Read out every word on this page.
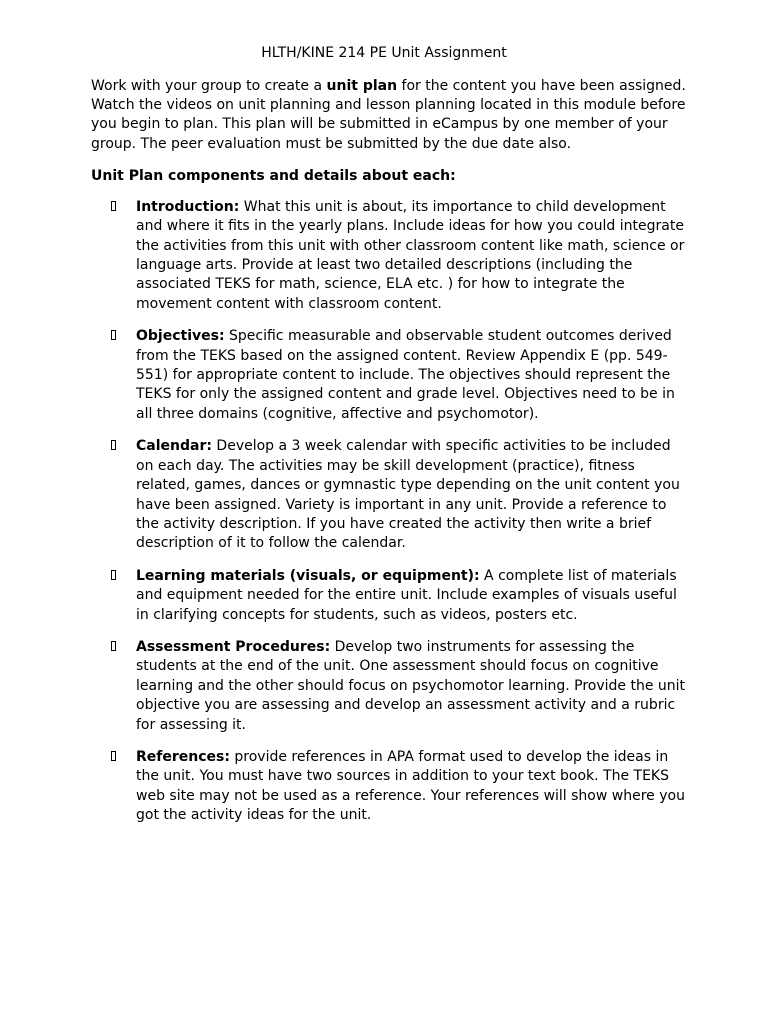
HLTH/KINE 214 PE Unit Assignment

Work with your group to create a unit plan for the content you have been assigned. Watch the videos on unit planning and lesson planning located in this module before you begin to plan. This plan will be submitted in eCampus by one member of your group. The peer evaluation must be submitted by the due date also.

Unit Plan components and details about each:
Introduction: What this unit is about, its importance to child development and where it fits in the yearly plans. Include ideas for how you could integrate the activities from this unit with other classroom content like math, science or language arts. Provide at least two detailed descriptions (including the associated TEKS for math, science, ELA etc. ) for how to integrate the movement content with classroom content.
Objectives: Specific measurable and observable student outcomes derived from the TEKS based on the assigned content. Review Appendix E (pp. 549-551) for appropriate content to include. The objectives should represent the TEKS for only the assigned content and grade level. Objectives need to be in all three domains (cognitive, affective and psychomotor).
Calendar: Develop a 3 week calendar with specific activities to be included on each day. The activities may be skill development (practice), fitness related, games, dances or gymnastic type depending on the unit content you have been assigned. Variety is important in any unit. Provide a reference to the activity description. If you have created the activity then write a brief description of it to follow the calendar.
Learning materials (visuals, or equipment): A complete list of materials and equipment needed for the entire unit. Include examples of visuals useful in clarifying concepts for students, such as videos, posters etc.
Assessment Procedures: Develop two instruments for assessing the students at the end of the unit. One assessment should focus on cognitive learning and the other should focus on psychomotor learning. Provide the unit objective you are assessing and develop an assessment activity and a rubric for assessing it.
References: provide references in APA format used to develop the ideas in the unit. You must have two sources in addition to your text book. The TEKS web site may not be used as a reference. Your references will show where you got the activity ideas for the unit.
